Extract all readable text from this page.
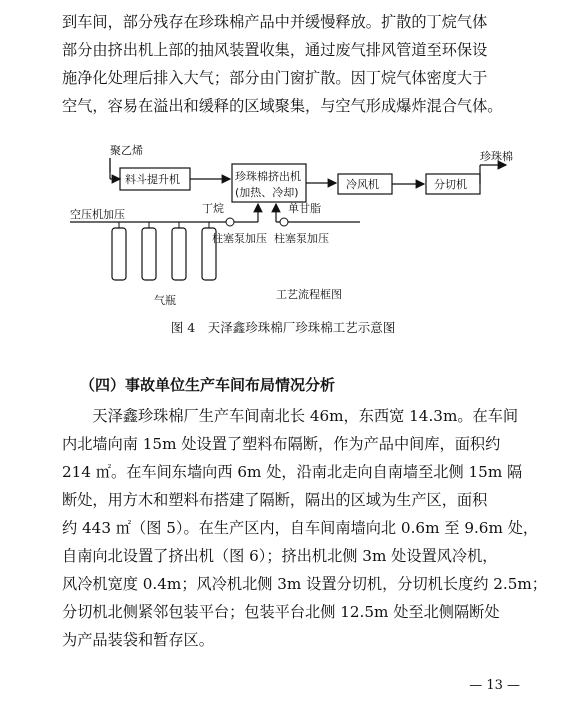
到车间，部分残存在珍珠棉产品中并缓慢释放。扩散的丁烷气体
部分由挤出机上部的抽风装置收集，通过废气排风管道至环保设
施净化处理后排入大气；部分由门窗扩散。因丁烷气体密度大于
空气，容易在溢出和缓释的区域聚集，与空气形成爆炸混合气体。
聚乙烯
料斗提升机	珍珠棉挤出机
(加热、冷却)
冷风机	分切机
珍珠棉
空压机加压
气瓶
丁烷
柱塞泵加压
单甘脂
柱塞泵加压
工艺流程框图
图 4　天泽鑫珍珠棉厂珍珠棉工艺示意图
（四）事故单位生产车间布局情况分析
　　天泽鑫珍珠棉厂生产车间南北长 46m，东西宽 14.3m。在车间
内北墙向南 15m 处设置了塑料布隔断，作为产品中间库，面积约
214 ㎡。在车间东墙向西 6m 处，沿南北走向自南墙至北侧 15m 隔
断处，用方木和塑料布搭建了隔断，隔出的区域为生产区，面积
约 443 ㎡（图 5）。在生产区内，自车间南墙向北 0.6m 至 9.6m 处，
自南向北设置了挤出机（图 6）；挤出机北侧 3m 处设置风冷机，
风冷机宽度 0.4m；风冷机北侧 3m 设置分切机，分切机长度约 2.5m；
分切机北侧紧邻包装平台；包装平台北侧 12.5m 处至北侧隔断处
为产品装袋和暂存区。
— 13 —
